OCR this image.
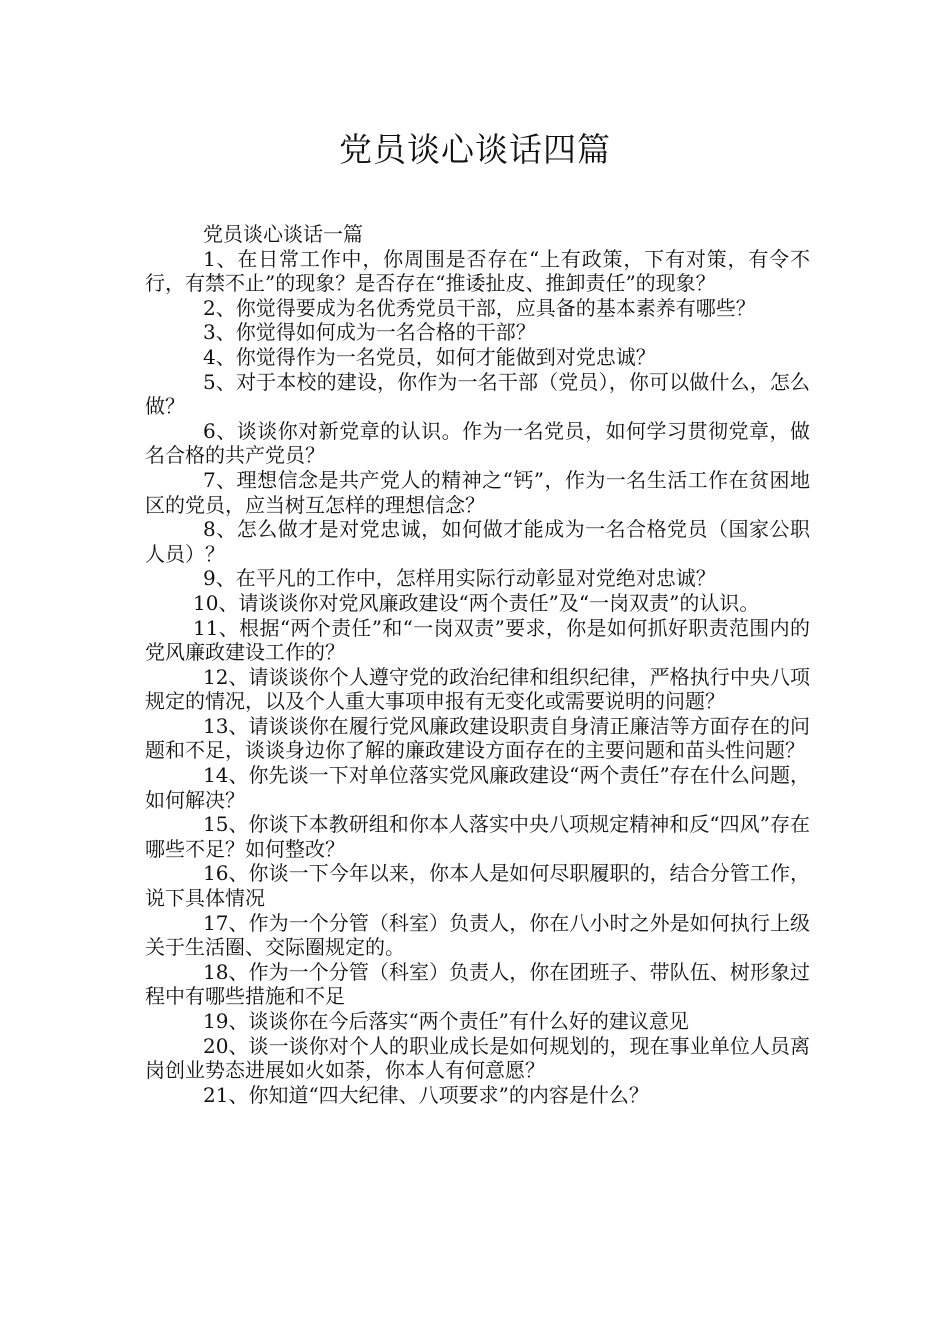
党员谈心谈话四篇

党员谈心谈话一篇

1、在日常工作中，你周围是否存在“上有政策，下有对策，有令不行，有禁不止”的现象？是否存在“推诿扯皮、推卸责任”的现象？

2、你觉得要成为名优秀党员干部，应具备的基本素养有哪些？

3、你觉得如何成为一名合格的干部？

4、你觉得作为一名党员，如何才能做到对党忠诚？

5、对于本校的建设，你作为一名干部（党员），你可以做什么，怎么做？

6、谈谈你对新党章的认识。作为一名党员，如何学习贯彻党章，做名合格的共产党员？

7、理想信念是共产党人的精神之“钙”，作为一名生活工作在贫困地区的党员，应当树互怎样的理想信念？

8、怎么做才是对党忠诚，如何做才能成为一名合格党员（国家公职人员）？

9、在平凡的工作中，怎样用实际行动彰显对党绝对忠诚？

10、请谈谈你对党风廉政建设“两个责任”及“一岗双责”的认识。

11、根据“两个责任”和“一岗双责”要求，你是如何抓好职责范围内的党风廉政建设工作的？

12、请谈谈你个人遵守党的政治纪律和组织纪律，严格执行中央八项规定的情况，以及个人重大事项申报有无变化或需要说明的问题？

13、请谈谈你在履行党风廉政建设职责自身清正廉洁等方面存在的问题和不足，谈谈身边你了解的廉政建设方面存在的主要问题和苗头性问题？

14、你先谈一下对单位落实党风廉政建设“两个责任”存在什么问题，如何解决？

15、你谈下本教研组和你本人落实中央八项规定精神和反“四风”存在哪些不足？如何整改？

16、你谈一下今年以来，你本人是如何尽职履职的，结合分管工作，说下具体情况

17、作为一个分管（科室）负责人，你在八小时之外是如何执行上级关于生活圈、交际圈规定的。

18、作为一个分管（科室）负责人，你在团班子、带队伍、树形象过程中有哪些措施和不足

19、谈谈你在今后落实“两个责任”有什么好的建议意见

20、谈一谈你对个人的职业成长是如何规划的，现在事业单位人员离岗创业势态进展如火如荼，你本人有何意愿？

21、你知道“四大纪律、八项要求”的内容是什么？
